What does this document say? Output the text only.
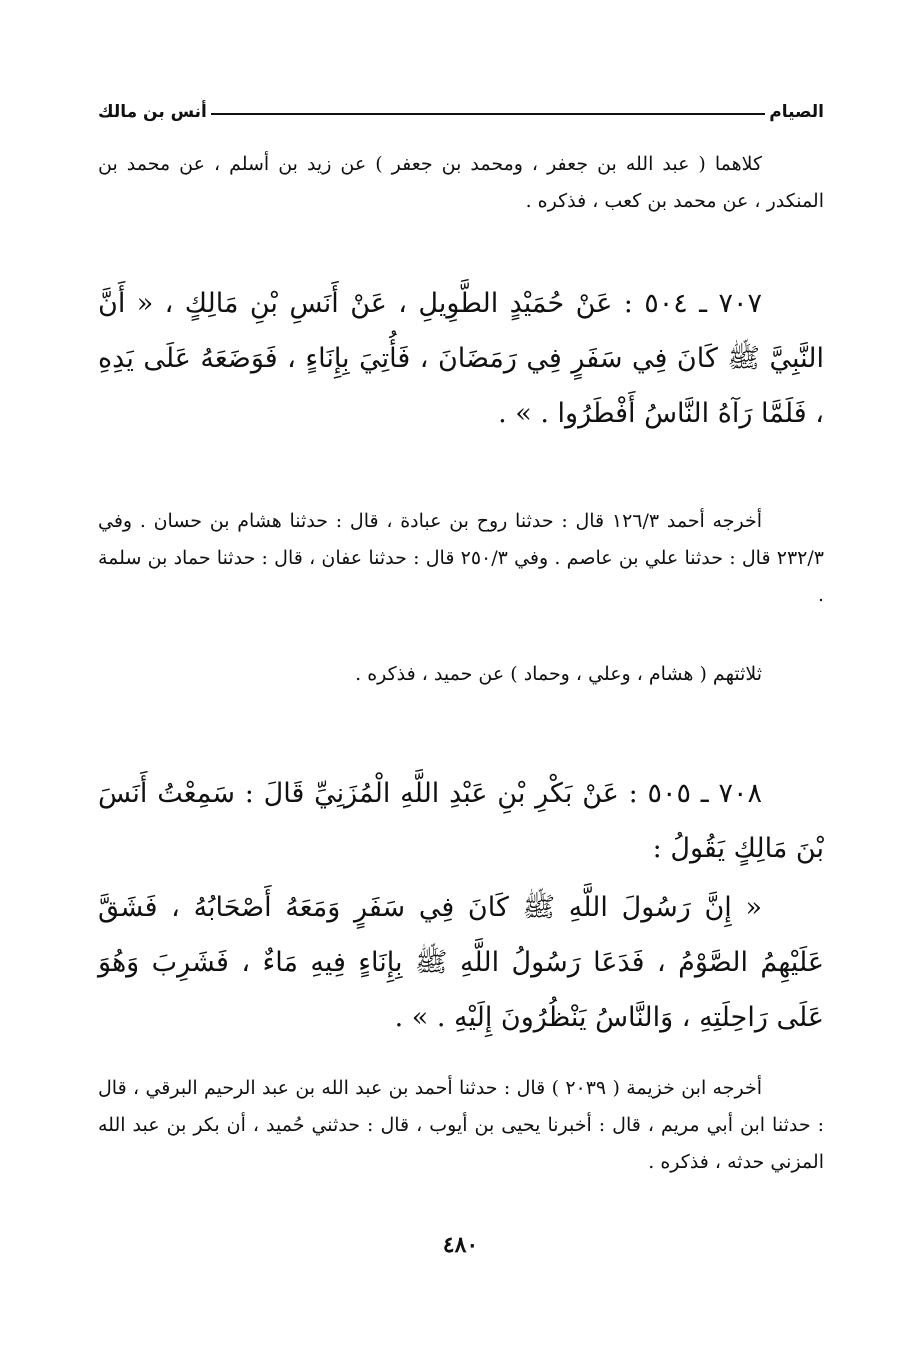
الصيام
أنس بن مالك
كلاهما ( عبد الله بن جعفر ، ومحمد بن جعفر ) عن زيد بن أسلم ، عن محمد بن المنكدر ، عن محمد بن كعب ، فذكره .
٧٠٧ ـ ٥٠٤ : عَنْ حُمَيْدٍ الطَّوِيلِ ، عَنْ أَنَسِ بْنِ مَالِكٍ ، « أَنَّ النَّبِيَّ ﷺ كَانَ فِي سَفَرٍ فِي رَمَضَانَ ، فَأُتِيَ بِإِنَاءٍ ، فَوَضَعَهُ عَلَى يَدِهِ ، فَلَمَّا رَآهُ النَّاسُ أَفْطَرُوا . » .
أخرجه أحمد ١٢٦/٣ قال : حدثنا روح بن عبادة ، قال : حدثنا هشام بن حسان . وفي ٢٣٢/٣ قال : حدثنا علي بن عاصم . وفي ٢٥٠/٣ قال : حدثنا عفان ، قال : حدثنا حماد بن سلمة .
ثلاثتهم ( هشام ، وعلي ، وحماد ) عن حميد ، فذكره .
٧٠٨ ـ ٥٠٥ : عَنْ بَكْرِ بْنِ عَبْدِ اللَّهِ الْمُزَنِيِّ قَالَ : سَمِعْتُ أَنَسَ بْنَ مَالِكٍ يَقُولُ :
« إِنَّ رَسُولَ اللَّهِ ﷺ كَانَ فِي سَفَرٍ وَمَعَهُ أَصْحَابُهُ ، فَشَقَّ عَلَيْهِمُ الصَّوْمُ ، فَدَعَا رَسُولُ اللَّهِ ﷺ بِإِنَاءٍ فِيهِ مَاءٌ ، فَشَرِبَ وَهُوَ عَلَى رَاحِلَتِهِ ، وَالنَّاسُ يَنْظُرُونَ إِلَيْهِ . » .
أخرجه ابن خزيمة ( ٢٠٣٩ ) قال : حدثنا أحمد بن عبد الله بن عبد الرحيم البرقي ، قال : حدثنا ابن أبي مريم ، قال : أخبرنا يحيى بن أيوب ، قال : حدثني حُميد ، أن بكر بن عبد الله المزني حدثه ، فذكره .
٤٨٠
